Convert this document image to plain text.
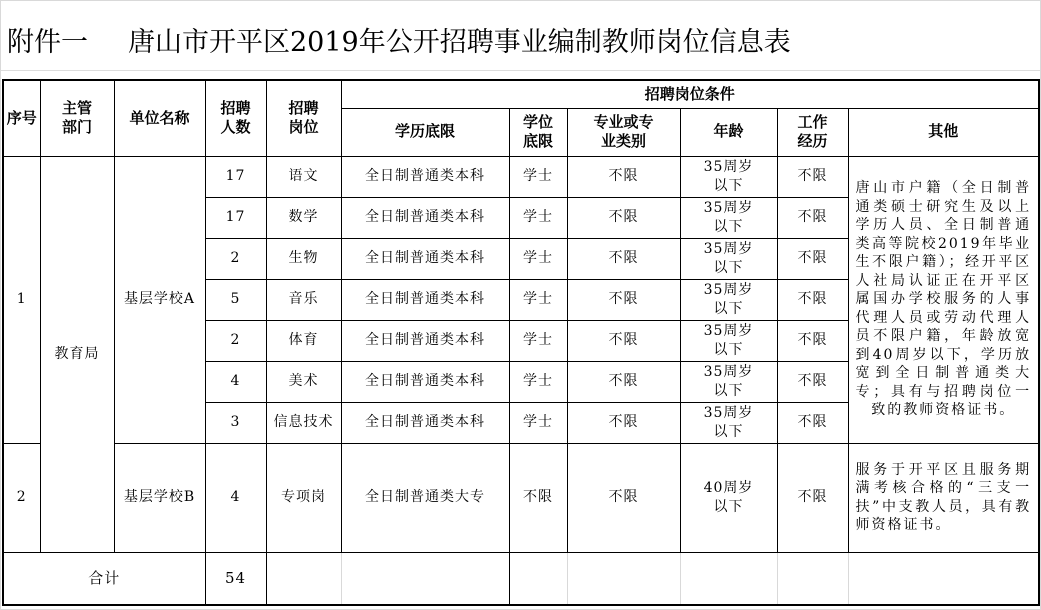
附件一 唐山市开平区2019年公开招聘事业编制教师岗位信息表
序号	主管部门	单位名称	招聘人数	招聘岗位	招聘岗位条件					
					学历底限	学位底限	专业或专业类别	年龄	工作经历	其他
1	教育局	基层学校A	17	语文	全日制普通类本科	学士	不限	35周岁以下	不限	唐山市户籍（全日制普通类硕士研究生及以上学历人员、全日制普通类高等院校2019年毕业生不限户籍）；经开平区人社局认证正在开平区属国办学校服务的人事代理人员或劳动代理人员不限户籍，年龄放宽到40周岁以下，学历放宽到全日制普通类大专；具有与招聘岗位一致的教师资格证书。
			17	数学	全日制普通类本科	学士	不限	35周岁以下	不限	
			2	生物	全日制普通类本科	学士	不限	35周岁以下	不限	
			5	音乐	全日制普通类本科	学士	不限	35周岁以下	不限	
			2	体育	全日制普通类本科	学士	不限	35周岁以下	不限	
			4	美术	全日制普通类本科	学士	不限	35周岁以下	不限	
			3	信息技术	全日制普通类本科	学士	不限	35周岁以下	不限	
2		基层学校B	4	专项岗	全日制普通类大专	不限	不限	40周岁以下	不限	服务于开平区且服务期满考核合格的“三支一扶”中支教人员，具有教师资格证书。
合计			54							
